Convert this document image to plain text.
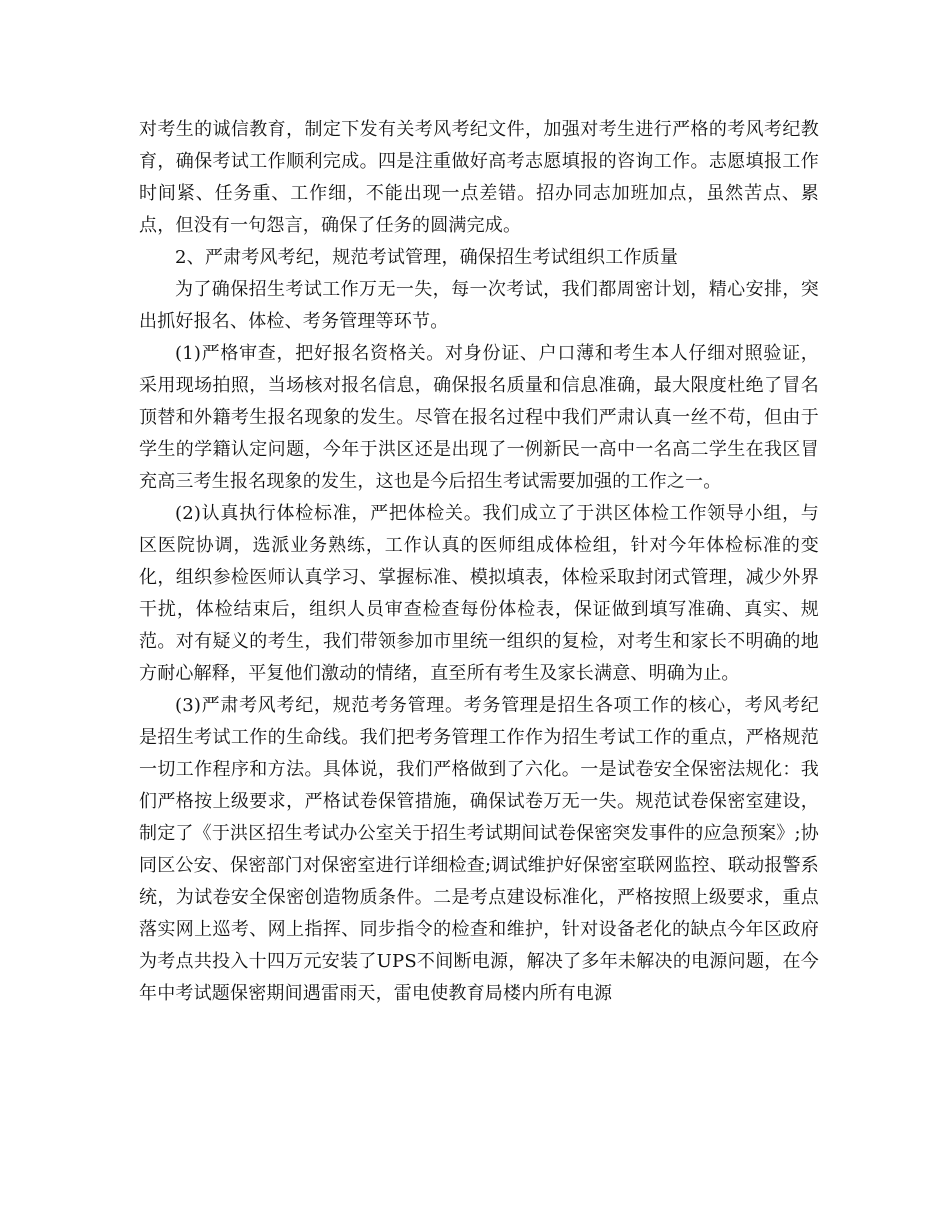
对考生的诚信教育，制定下发有关考风考纪文件，加强对考生进行严格的考风考纪教育，确保考试工作顺利完成。四是注重做好高考志愿填报的咨询工作。志愿填报工作时间紧、任务重、工作细，不能出现一点差错。招办同志加班加点，虽然苦点、累点，但没有一句怨言，确保了任务的圆满完成。

2、严肃考风考纪，规范考试管理，确保招生考试组织工作质量

为了确保招生考试工作万无一失，每一次考试，我们都周密计划，精心安排，突出抓好报名、体检、考务管理等环节。

(1)严格审查，把好报名资格关。对身份证、户口薄和考生本人仔细对照验证，采用现场拍照，当场核对报名信息，确保报名质量和信息准确，最大限度杜绝了冒名顶替和外籍考生报名现象的发生。尽管在报名过程中我们严肃认真一丝不苟，但由于学生的学籍认定问题，今年于洪区还是出现了一例新民一高中一名高二学生在我区冒充高三考生报名现象的发生，这也是今后招生考试需要加强的工作之一。

(2)认真执行体检标准，严把体检关。我们成立了于洪区体检工作领导小组，与区医院协调，选派业务熟练，工作认真的医师组成体检组，针对今年体检标准的变化，组织参检医师认真学习、掌握标准、模拟填表，体检采取封闭式管理，减少外界干扰，体检结束后，组织人员审查检查每份体检表，保证做到填写准确、真实、规范。对有疑义的考生，我们带领参加市里统一组织的复检，对考生和家长不明确的地方耐心解释，平复他们激动的情绪，直至所有考生及家长满意、明确为止。

(3)严肃考风考纪，规范考务管理。考务管理是招生各项工作的核心，考风考纪是招生考试工作的生命线。我们把考务管理工作作为招生考试工作的重点，严格规范一切工作程序和方法。具体说，我们严格做到了六化。一是试卷安全保密法规化：我们严格按上级要求，严格试卷保管措施，确保试卷万无一失。规范试卷保密室建设，制定了《于洪区招生考试办公室关于招生考试期间试卷保密突发事件的应急预案》;协同区公安、保密部门对保密室进行详细检查;调试维护好保密室联网监控、联动报警系统，为试卷安全保密创造物质条件。二是考点建设标准化，严格按照上级要求，重点落实网上巡考、网上指挥、同步指令的检查和维护，针对设备老化的缺点今年区政府为考点共投入十四万元安装了UPS不间断电源，解决了多年未解决的电源问题，在今年中考试题保密期间遇雷雨天，雷电使教育局楼内所有电源
